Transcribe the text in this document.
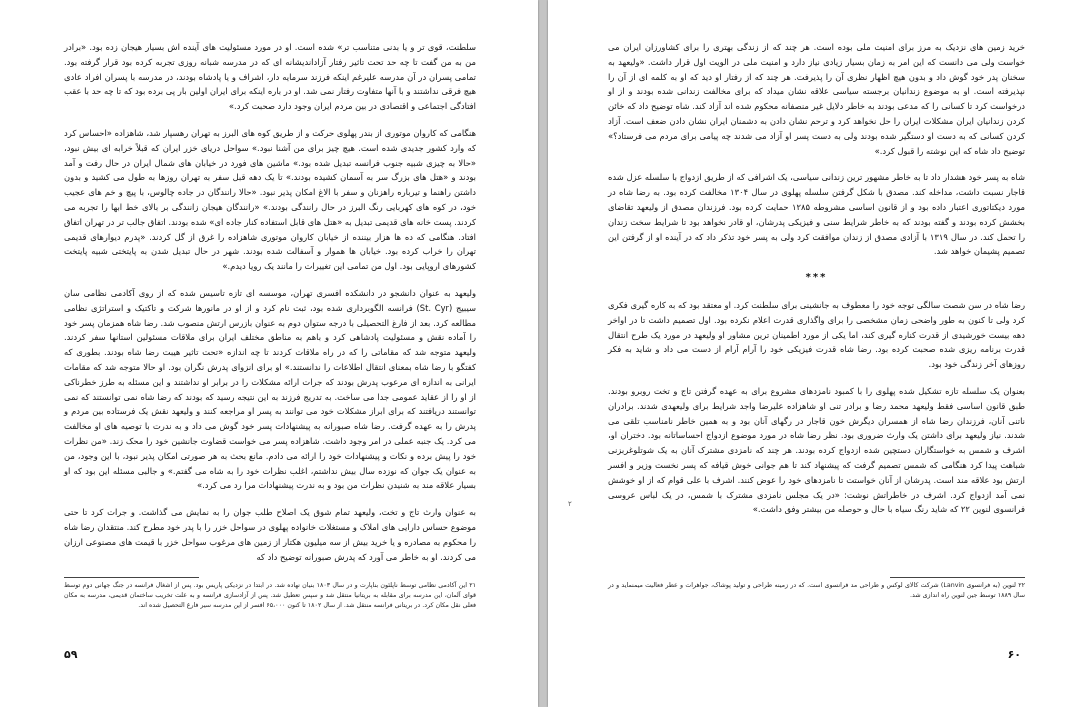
سلطنت، قوی تر و یا بدنی متناسب تر» شده است. او در مورد مسئولیت های آینده اش بسیار هیجان زده بود. «برادر من به من گفت تا چه حد تحت تاثیر رفتار آزاداندیشانه ای که در مدرسه شبانه روزی تجربه کرده بود قرار گرفته بود. تمامی پسران در آن مدرسه علیرغم اینکه فرزند سرمایه دار، اشراف و یا پادشاه بودند، در مدرسه با پسران افراد عادی هیچ فرقی نداشتند و با آنها متفاوت رفتار نمی شد. او در باره اینکه برای ایران اولین بار پی برده بود که تا چه حد با عقب افتادگی اجتماعی و اقتصادی در بین مردم ایران وجود دارد صحبت کرد.»

هنگامی که کاروان موتوری از بندر پهلوی حرکت و از طریق کوه های البرز به تهران رهسپار شد، شاهزاده «احساس کرد که وارد کشور جدیدی شده است. هیچ چیز برای من آشنا نبود.» سواحل دریای خزر ایران که قبلاً خرابه ای بیش نبود، «حالا به چیزی شبیه جنوب فرانسه تبدیل شده بود.» ماشین های فورد در خیابان های شمال ایران در حال رفت و آمد بودند و «هتل های بزرگ سر به آسمان کشیده بودند.» تا یک دهه قبل سفر به تهران روزها به طول می کشید و بدون داشتن راهنما و تیرباره راهزنان و سفر با الاغ امکان پذیر نبود. «حالا رانندگان در جاده چالوس، با پیچ و خم های عجیب خود، در کوه های کهربایی رنگ البرز در حال رانندگی بودند.» «رانندگان هیجان زانندگی بر بالای خط ابها را تجربه می کردند. پست خانه های قدیمی تبدیل به «هتل های قابل استفاده کنار جاده ای» شده بودند. اتفاق جالب تر در تهران اتفاق افتاد. هنگامی که ده ها هزار بیننده از خیابان کاروان موتوری شاهزاده را غرق از گل کردند. «پدرم دیوارهای قدیمی تهران را خراب کرده بود. خیابان ها هموار و آسفالت شده بودند. شهر در حال تبدیل شدن به پایتختی شبیه پایتخت کشورهای اروپایی بود. اول من تمامی این تغییرات را مانند یک رویا دیدم.»

ولیعهد به عنوان دانشجو در دانشکده افسری تهران، موسسه ای تازه تاسیس شده که از روی آکادمی نظامی سان سیبیج (St. Cyr) فرانسه الگوبرداری شده بود، ثبت نام کرد و از او در مانورها شرکت و تاکتیک و استراتژی نظامی مطالعه کرد. بعد از فارغ التحصیلی با درجه ستوان دوم به عنوان بازرس ارتش منصوب شد. رضا شاه همزمان پسر خود را آماده نقش و مسئولیت پادشاهی کرد و باهم به مناطق مختلف ایران برای ملاقات مسئولین استانها سفر کردند. ولیعهد متوجه شد که مقاماتی را که در راه ملاقات کردند تا چه اندازه «تحت تاثیر هیبت رضا شاه بودند. بطوری که کفتگو با رضا شاه بمعنای انتقال اطلاعات را ندانستند.» او برای انزوای پدرش نگران بود. او حالا متوجه شد که مقامات ایرانی به اندازه ای مرعوب پدرش بودند که جرات ارائه مشکلات را در برابر او نداشتند و این مسئله به طرز خطرناکی از او را از عقاید عمومی جدا می ساخت. به تدریج فرزند به این نتیجه رسید که بودند که رضا شاه نمی توانستند که نمی توانستند دریافتند که برای ابراز مشکلات خود می توانند به پسر او مراجعه کنند و ولیعهد نقش یک فرستاده بین مردم و پدرش را به عهده گرفت. رضا شاه صبورانه به پیشنهادات پسر خود گوش می داد و به ندرت با توصیه های او مخالفت می کرد. یک جنبه عملی در امر وجود داشت. شاهزاده پسر می خواست قضاوت جانشین خود را محک زند. «من نظرات خود را پیش برده و نکات و پیشنهادات خود را ارائه می دادم. مانع بحث به هر صورتی امکان پذیر نبود، با این وجود، من به عنوان یک جوان که نوزده سال بیش نداشتم، اغلب نظرات خود را به شاه می گفتم.» و جالبی مسئله این بود که او بسیار علاقه مند به شنیدن نظرات من بود و به ندرت پیشنهادات مرا رد می کرد.»

به عنوان وارث تاج و تخت، ولیعهد تمام شوق یک اصلاح طلب جوان را به نمایش می گذاشت. و جرات کرد تا حتی موضوع حساس دارایی های املاک و مستغلات خانواده پهلوی در سواحل خزر را با پدر خود مطرح کند. منتقدان رضا شاه را محکوم به مصادره و یا خرید بیش از سه میلیون هکتار از زمین های مرغوب سواحل خزر با قیمت های مصنوعی ارزان می کردند. او به خاطر می آورد که پدرش صبورانه توضیح داد که

۲۱ این آکادمی نظامی توسط ناپلئون بناپارت و در سال ۱۸۰۳ بنیان نهاده شد. در ابتدا در نزدیکی پاریس بود. پس از اشغال فرانسه در جنگ جهانی دوم توسط قوای آلمان، این مدرسه برای مقابله به بریتانیا منتقل شد و سپس تعطیل شد. پس از آزادسازی فرانسه و به علت تخریب ساختمان قدیمی، مدرسه به مکان فعلی نقل مکان کرد. در بریتانی فرانسه منتقل شد. از سال ۱۸۰۲ تا کنون ۶۵،۰۰۰ افسر از این مدرسه سیر فارغ التحصیل شده اند.
۵۹
۲

خرید زمین های نزدیک به مرز برای امنیت ملی بوده است. هر چند که از زندگی بهتری را برای کشاورزان ایران می خواست ولی می دانست که این امر به زمان بسیار زیادی نیاز دارد و امنیت ملی در الویت اول قرار داشت. «ولیعهد به سخنان پدر خود گوش داد و بدون هیچ اظهار نظری آن را پذیرفت. هر چند که از رفتار او دید که او به کلمه ای از آن را نپذیرفته است. او به موضوع زندانیان برجسته سیاسی علاقه نشان میداد که برای مخالفت زندانی شده بودند و از او درخواست کرد تا کسانی را که مدعی بودند به خاطر دلایل غیر منصفانه محکوم شده اند آزاد کند. شاه توضیح داد که خائن کردن زندانیان ایران مشکلات ایران را حل نخواهد کرد و ترحم نشان دادن به دشمنان ایران نشان دادن ضعف است. آزاد کردن کسانی که به دست او دستگیر شده بودند ولی به دست پسر او آزاد می شدند چه پیامی برای مردم می فرستاد؟» توضیح داد شاه که این نوشته را قبول کرد.»

شاه به پسر خود هشدار داد تا به خاطر مشهور ترین زندانی سیاسی، یک اشرافی که از طریق ازدواج با سلسله عزل شده قاجار نسبت داشت، مداخله کند. مصدق با شکل گرفتن سلسله پهلوی در سال ۱۳۰۴ مخالفت کرده بود. به رضا شاه در مورد دیکتاتوری اعتبار داده بود و از قانون اساسی مشروطه ۱۲۸۵ حمایت کرده بود. فرزندان مصدق از ولیعهد تقاضای بخشش کرده بودند و گفته بودند که به خاطر شرایط سنی و فیزیکی پدرشان، او قادر نخواهد بود تا شرایط سخت زندان را تحمل کند. در سال ۱۳۱۹ با آزادی مصدق از زندان موافقت کرد ولی به پسر خود تذکر داد که در آینده او از گرفتن این تصمیم پشیمان خواهد شد.

***

رضا شاه در سن شصت سالگی توجه خود را معطوف به جانشینی برای سلطنت کرد. او معتقد بود که به کاره گیری فکری کرد ولی تا کنون به طور واضحی زمان مشخصی را برای واگذاری قدرت اعلام نکرده بود. اول تصمیم داشت تا در اواخر دهه بیست خورشیدی از قدرت کناره گیری کند، اما یکی از مورد اطمینان ترین مشاور او ولیعهد در مورد یک طرح انتقال قدرت برنامه ریزی شده صحبت کرده بود. رضا شاه قدرت فیزیکی خود را آرام آرام از دست می داد و شاید به فکر روزهای آخر زندگی خود بود.

بعنوان یک سلسله تازه تشکیل شده پهلوی را با کمبود نامزدهای مشروع برای به عهده گرفتن تاج و تخت روبرو بودند. طبق قانون اساسی فقط ولیعهد محمد رضا و برادر تنی او شاهزاده علیرضا واجد شرایط برای ولیعهدی شدند. برادران ناتنی آنان، فرزندان رضا شاه از همسران دیگرش خون قاجار در رگهای آنان بود و به همین خاطر نامناسب تلقی می شدند. نیاز ولیعهد برای داشتن یک وارث ضروری بود. نظر رضا شاه در مورد موضوع ازدواج احساساتانه بود. دختران او، اشرف و شمس به خواستگاران دستچین شده ازدواج کرده بودند. هر چند که نامزدی مشترک آنان به یک شوتلوغربزنی شباهت پیدا کرد هنگامی که شمس تصمیم گرفت که پیشنهاد کند تا هم جوانی خوش قیافه که پسر نخست وزیر و افسر ارتش بود علاقه مند است. پدرشان از آنان خواستت تا نامزدهای خود را عوض کنند. اشرف با علی قوام که از او خوشش نمی آمد ازدواج کرد. اشرف در خاطراتش نوشت: «در یک مجلس نامزدی مشترک با شمس، در یک لباس عروسی فرانسوی لنوین ۲۲ که شاید رنگ سیاه با حال و حوصله من بیشتر وفق داشت.»

۲۲ لنوین (به فرانسوی Lanvin) شرکت کالای لوکس و طراحی مد فرانسوی است. که در زمینه طراحی و تولید پوشاک، جواهرات و عطر فعالیت میمنماید و در سال ۱۸۸۹ توسط جین لنوین راه اندازی شد.
۶۰
